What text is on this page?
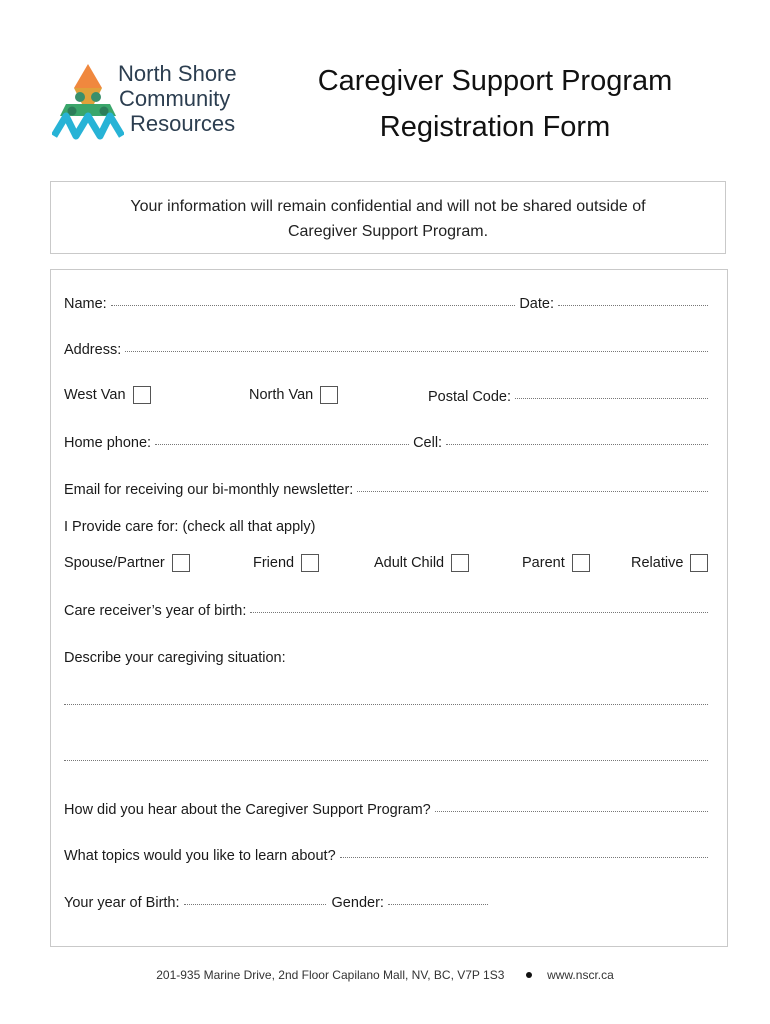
North Shore
Community
Resources
Caregiver Support Program
Registration Form
Your information will remain confidential and will not be shared outside of
Caregiver Support Program.
Name:	Date:
Address:
West Van	North Van	Postal Code:
Home phone:	Cell:
Email for receiving our bi-monthly newsletter:
I Provide care for: (check all that apply)
Spouse/Partner	Friend	Adult Child	Parent	Relative
Care receiver’s year of birth:
Describe your caregiving situation:
How did you hear about the Caregiver Support Program?
What topics would you like to learn about?
Your year of Birth:	Gender:
201-935 Marine Drive, 2nd Floor Capilano Mall, NV, BC, V7P 1S3	www.nscr.ca
